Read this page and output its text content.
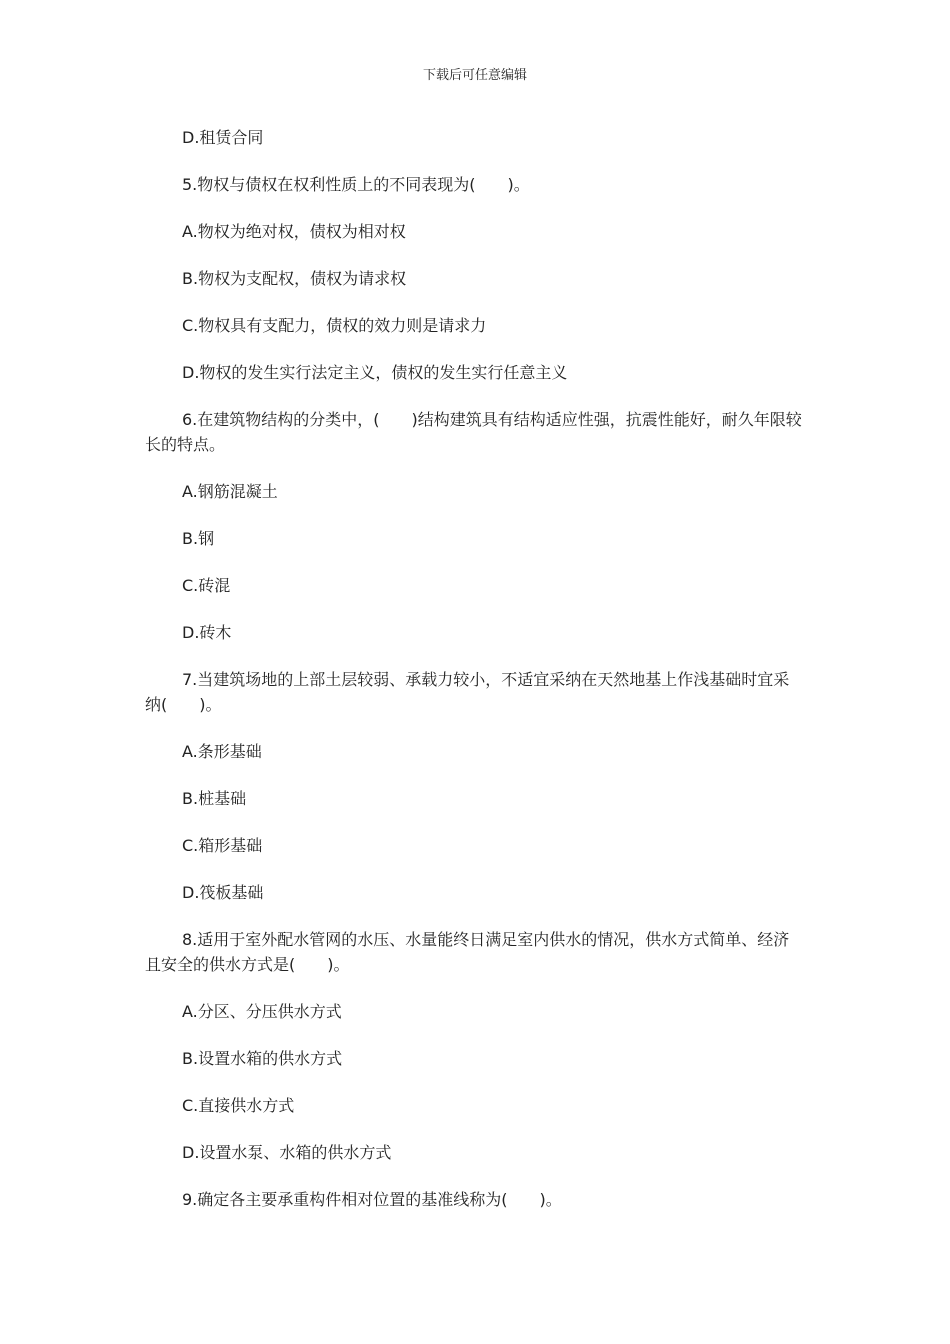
下载后可任意编辑

D.租赁合同

5.物权与债权在权利性质上的不同表现为(　　)。

A.物权为绝对权，债权为相对权

B.物权为支配权，债权为请求权

C.物权具有支配力，债权的效力则是请求力

D.物权的发生实行法定主义，债权的发生实行任意主义

6.在建筑物结构的分类中，(　　)结构建筑具有结构适应性强，抗震性能好，耐久年限较长的特点。

A.钢筋混凝土

B.钢

C.砖混

D.砖木

7.当建筑场地的上部土层较弱、承载力较小，不适宜采纳在天然地基上作浅基础时宜采纳(　　)。

A.条形基础

B.桩基础

C.箱形基础

D.筏板基础

8.适用于室外配水管网的水压、水量能终日满足室内供水的情况，供水方式简单、经济且安全的供水方式是(　　)。

A.分区、分压供水方式

B.设置水箱的供水方式

C.直接供水方式

D.设置水泵、水箱的供水方式

9.确定各主要承重构件相对位置的基准线称为(　　)。
